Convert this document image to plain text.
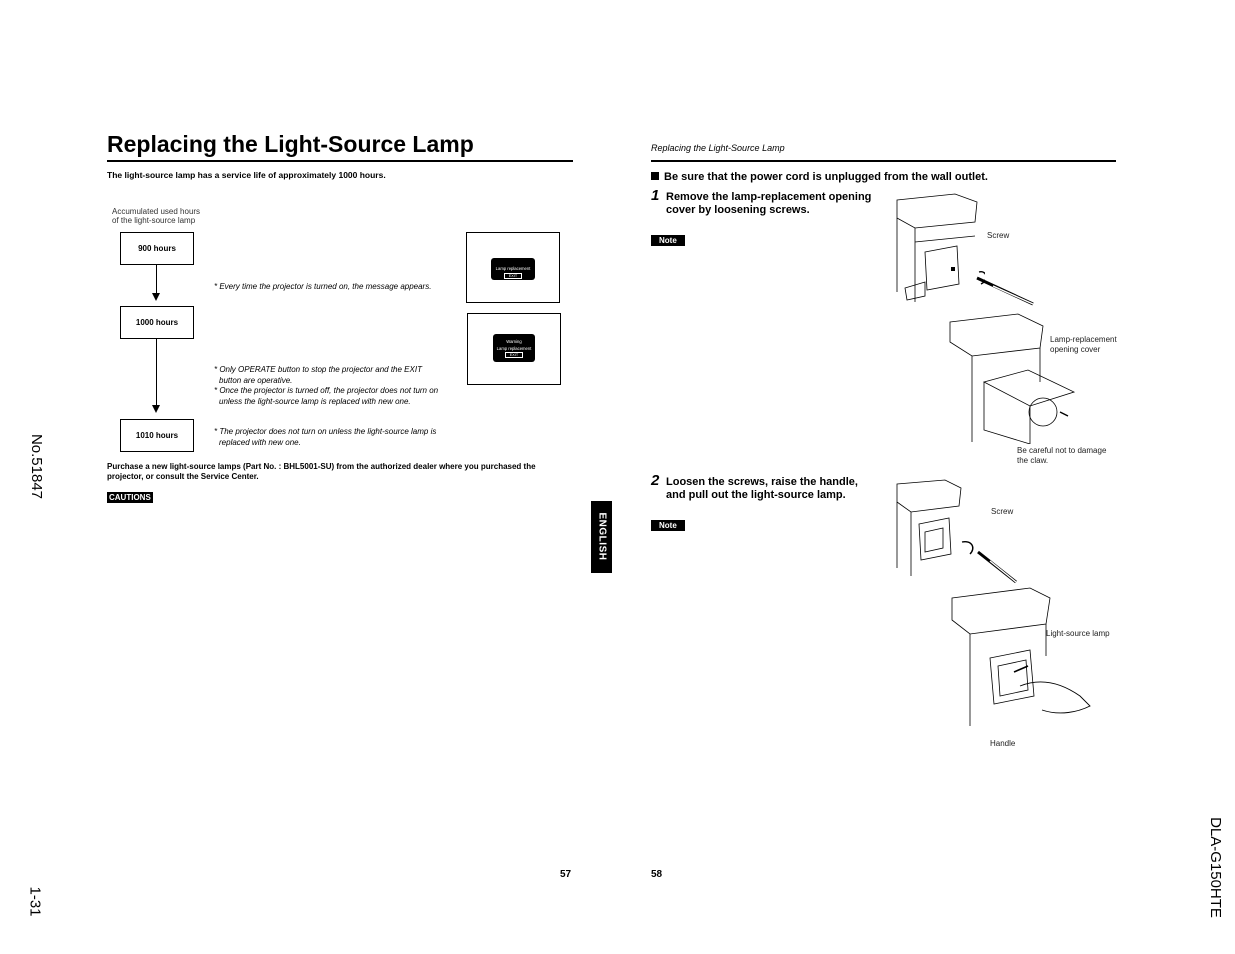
Replacing the Light-Source Lamp
The light-source lamp has a service life of approximately 1000 hours.
Accumulated used hours
of the light-source lamp
900 hours
1000 hours
1010 hours
* Every time the projector is turned on, the message appears.
* Only OPERATE button to stop the projector and the EXIT
button are operative.
* Once the projector is turned off, the projector does not turn on
unless the light-source lamp is replaced with new one.
* The projector does not turn on unless the light-source lamp is
replaced with new one.
Lamp replacement
EXIT
Warning
Lamp replacement
EXIT
Purchase a new light-source lamps (Part No. : BHL5001-SU) from the authorized dealer where you purchased the
projector, or consult the Service Center.
CAUTIONS
57
No.51847
1-31	DLA-G150HTE
ENGLISH
Replacing the Light-Source Lamp
Be sure that the power cord is unplugged from the wall outlet.
1 Remove the lamp-replacement opening
cover by loosening screws.
Note
2 Loosen the screws, raise the handle,
and pull out the light-source lamp.
Note
Screw
Lamp-replacement
opening cover
Be careful not to damage
the claw.
Screw
Light-source lamp
Handle
58
